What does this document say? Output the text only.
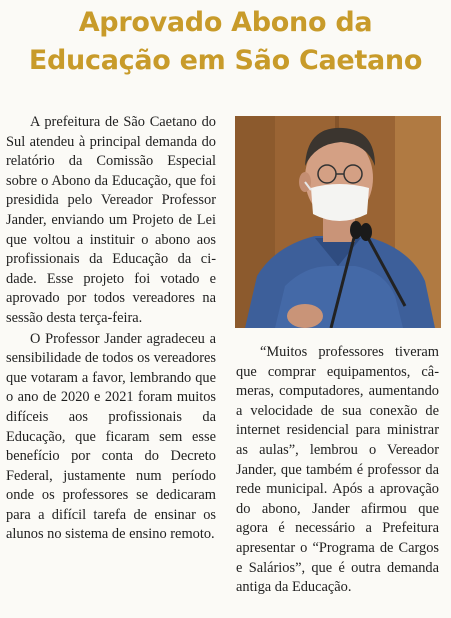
Aprovado Abono da
Educação em São Caetano

A prefeitura de São Caetano do Sul atendeu à principal demanda do relatório da Comissão Especial sobre o Abono da Educação, que foi presidida pelo Vereador Professor Jander, enviando um Projeto de Lei que voltou a instituir o abono aos profissionais da Educação da cidade. Esse projeto foi votado e aprovado por todos vereadores na sessão desta terça-feira.

O Professor Jander agradeceu a sensibilidade de todos os vereadores que votaram a favor, lembrando que o ano de 2020 e 2021 foram muitos difíceis aos profissionais da Educação, que ficaram sem esse benefício por conta do Decreto Federal, justamente num período onde os professores se dedicaram para a difícil tarefa de ensinar os alunos no sistema de ensino remoto.

“Muitos professores tiveram que comprar equipamentos, câmeras, computadores, aumentando a velocidade de sua conexão de internet residencial para ministrar as aulas”, lembrou o Vereador Jander, que também é professor da rede municipal. Após a aprovação do abono, Jander afirmou que agora é necessário a Prefeitura apresentar o “Programa de Cargos e Salários”, que é outra demanda antiga da Educação.
